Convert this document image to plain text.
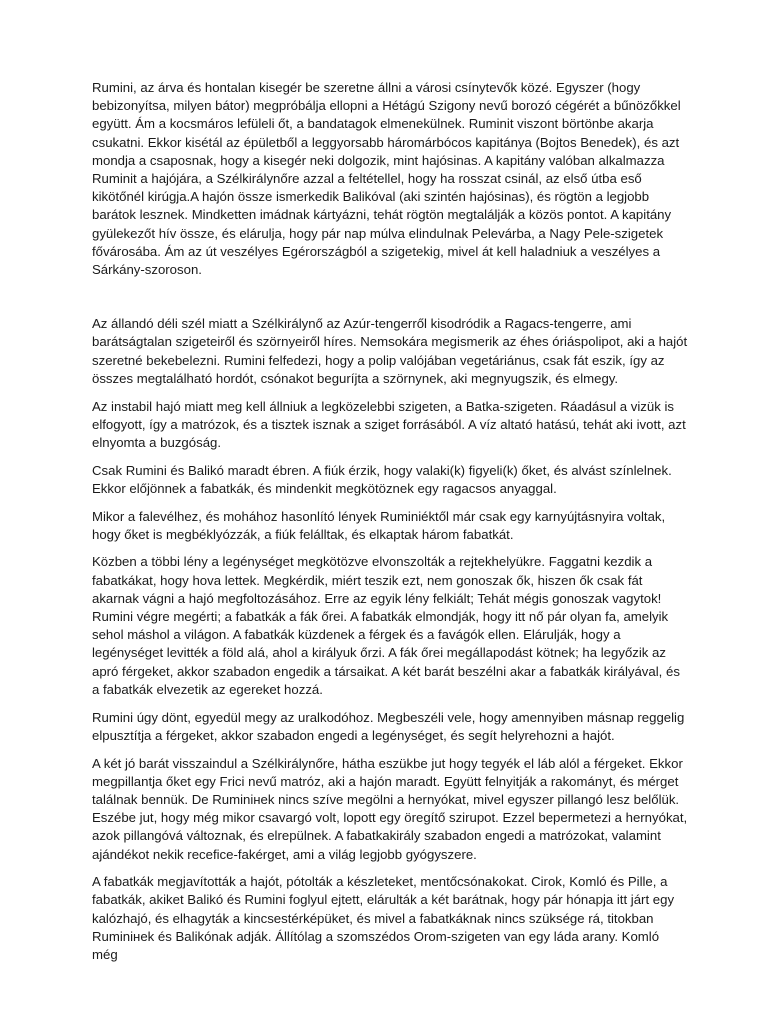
Rumini, az árva és hontalan kisegér be szeretne állni a városi csínytevők közé. Egyszer (hogy bebizonyítsa, milyen bátor) megpróbálja ellopni a Hétágú Szigony nevű borozó cégérét a bűnözőkkel együtt. Ám a kocsmáros lefüleli őt, a bandatagok elmenekülnek. Ruminit viszont börtönbe akarja csukatni. Ekkor kisétál az épületből a leggyorsabb háromárbócos kapitánya (Bojtos Benedek), és azt mondja a csaposnak, hogy a kisegér neki dolgozik, mint hajósinas. A kapitány valóban alkalmazza Ruminit a hajójára, a Szélkirálynőre azzal a feltétellel, hogy ha rosszat csinál, az első útba eső kikötőnél kirúgja.A hajón össze ismerkedik Balikóval (aki szintén hajósinas), és rögtön a legjobb barátok lesznek. Mindketten imádnak kártyázni, tehát rögtön megtalálják a közös pontot. A kapitány gyülekezőt hív össze, és elárulja, hogy pár nap múlva elindulnak Pelevárba, a Nagy Pele-szigetek fővárosába. Ám az út veszélyes Egérországból a szigetekig, mivel át kell haladniuk a veszélyes a Sárkány-szoroson.

Az állandó déli szél miatt a Szélkirálynő az Azúr-tengerről kisodródik a Ragacs-tengerre, ami barátságtalan szigeteiről és szörnyeiről híres. Nemsokára megismerik az éhes óriáspolipot, aki a hajót szeretné bekebelezni. Rumini felfedezi, hogy a polip valójában vegetáriánus, csak fát eszik, így az összes megtalálható hordót, csónakot beguríjta a szörnynek, aki megnyugszik, és elmegy.

Az instabil hajó miatt meg kell állniuk a legközelebbi szigeten, a Batka-szigeten. Ráadásul a vizük is elfogyott, így a matrózok, és a tisztek isznak a sziget forrásából. A víz altató hatású, tehát aki ivott, azt elnyomta a buzgóság.

Csak Rumini és Balikó maradt ébren. A fiúk érzik, hogy valaki(k) figyeli(k) őket, és alvást színlelnek. Ekkor előjönnek a fabatkák, és mindenkit megkötöznek egy ragacsos anyaggal.

Mikor a falevélhez, és mohához hasonlító lények Ruminiéktől már csak egy karnyújtásnyira voltak, hogy őket is megbéklyózzák, a fiúk felálltak, és elkaptak három fabatkát.

Közben a többi lény a legénységet megkötözve elvonszolták a rejtekhelyükre. Faggatni kezdik a fabatkákat, hogy hova lettek. Megkérdik, miért teszik ezt, nem gonoszak ők, hiszen ők csak fát akarnak vágni a hajó megfoltozásához. Erre az egyik lény felkiált; Tehát mégis gonoszak vagytok! Rumini végre megérti; a fabatkák a fák őrei. A fabatkák elmondják, hogy itt nő pár olyan fa, amelyik sehol máshol a világon. A fabatkák küzdenek a férgek és a favágók ellen. Elárulják, hogy a legénységet levitték a föld alá, ahol a királyuk őrzi. A fák őrei megállapodást kötnek; ha legyőzik az apró férgeket, akkor szabadon engedik a társaikat. A két barát beszélni akar a fabatkák királyával, és a fabatkák elvezetik az egereket hozzá.

Rumini úgy dönt, egyedül megy az uralkodóhoz. Megbeszéli vele, hogy amennyiben másnap reggelig elpusztítja a férgeket, akkor szabadon engedi a legénységet, és segít helyrehozni a hajót.

A két jó barát visszaindul a Szélkirálynőre, hátha eszükbe jut hogy tegyék el láb alól a férgeket. Ekkor megpillantja őket egy Frici nevű matróz, aki a hajón maradt. Együtt felnyitják a rakományt, és mérget találnak bennük. De Ruminінek nincs szíve megölni a hernyókat, mivel egyszer pillangó lesz belőlük. Eszébe jut, hogy még mikor csavargó volt, lopott egy öregítő szirupot. Ezzel bepermetezi a hernyókat, azok pillangóvá változnak, és elrepülnek. A fabatkakirály szabadon engedi a matrózokat, valamint ajándékot nekik recefice-fakérget, ami a világ legjobb gyógyszere.

A fabatkák megjavították a hajót, pótolták a készleteket, mentőcsónakokat. Cirok, Komló és Pille, a fabatkák, akiket Balikó és Rumini foglyul ejtett, elárulták a két barátnak, hogy pár hónapja itt járt egy kalózhajó, és elhagyták a kincsestérképüket, és mivel a fabatkáknak nincs szüksége rá, titokban Ruminінek és Balikónak adják. Állítólag a szomszédos Orom-szigeten van egy láda arany. Komló még
